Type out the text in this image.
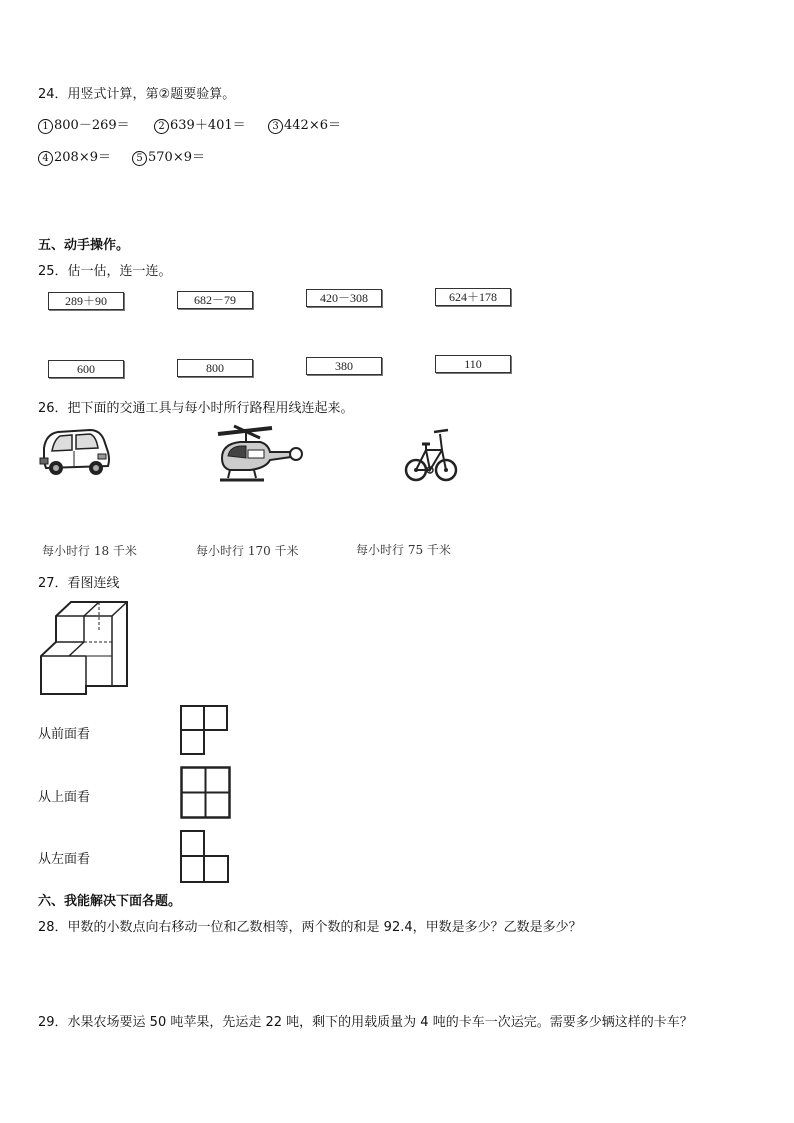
24．用竖式计算，第②题要验算。
1 800－269＝	2 639＋401＝	3 442×6＝
4 208×9＝	5 570×9＝
五、动手操作。
25．估一估，连一连。
289＋90	682－79	420－308	624＋178
600	800	380	110
26．把下面的交通工具与每小时所行路程用线连起来。
每小时行 18 千米	每小时行 170 千米	每小时行 75 千米
27．看图连线
从前面看
从上面看
从左面看
六、我能解决下面各题。
28．甲数的小数点向右移动一位和乙数相等，两个数的和是 92.4，甲数是多少？乙数是多少？
29．水果农场要运 50 吨苹果，先运走 22 吨，剩下的用载质量为 4 吨的卡车一次运完。需要多少辆这样的卡车？
